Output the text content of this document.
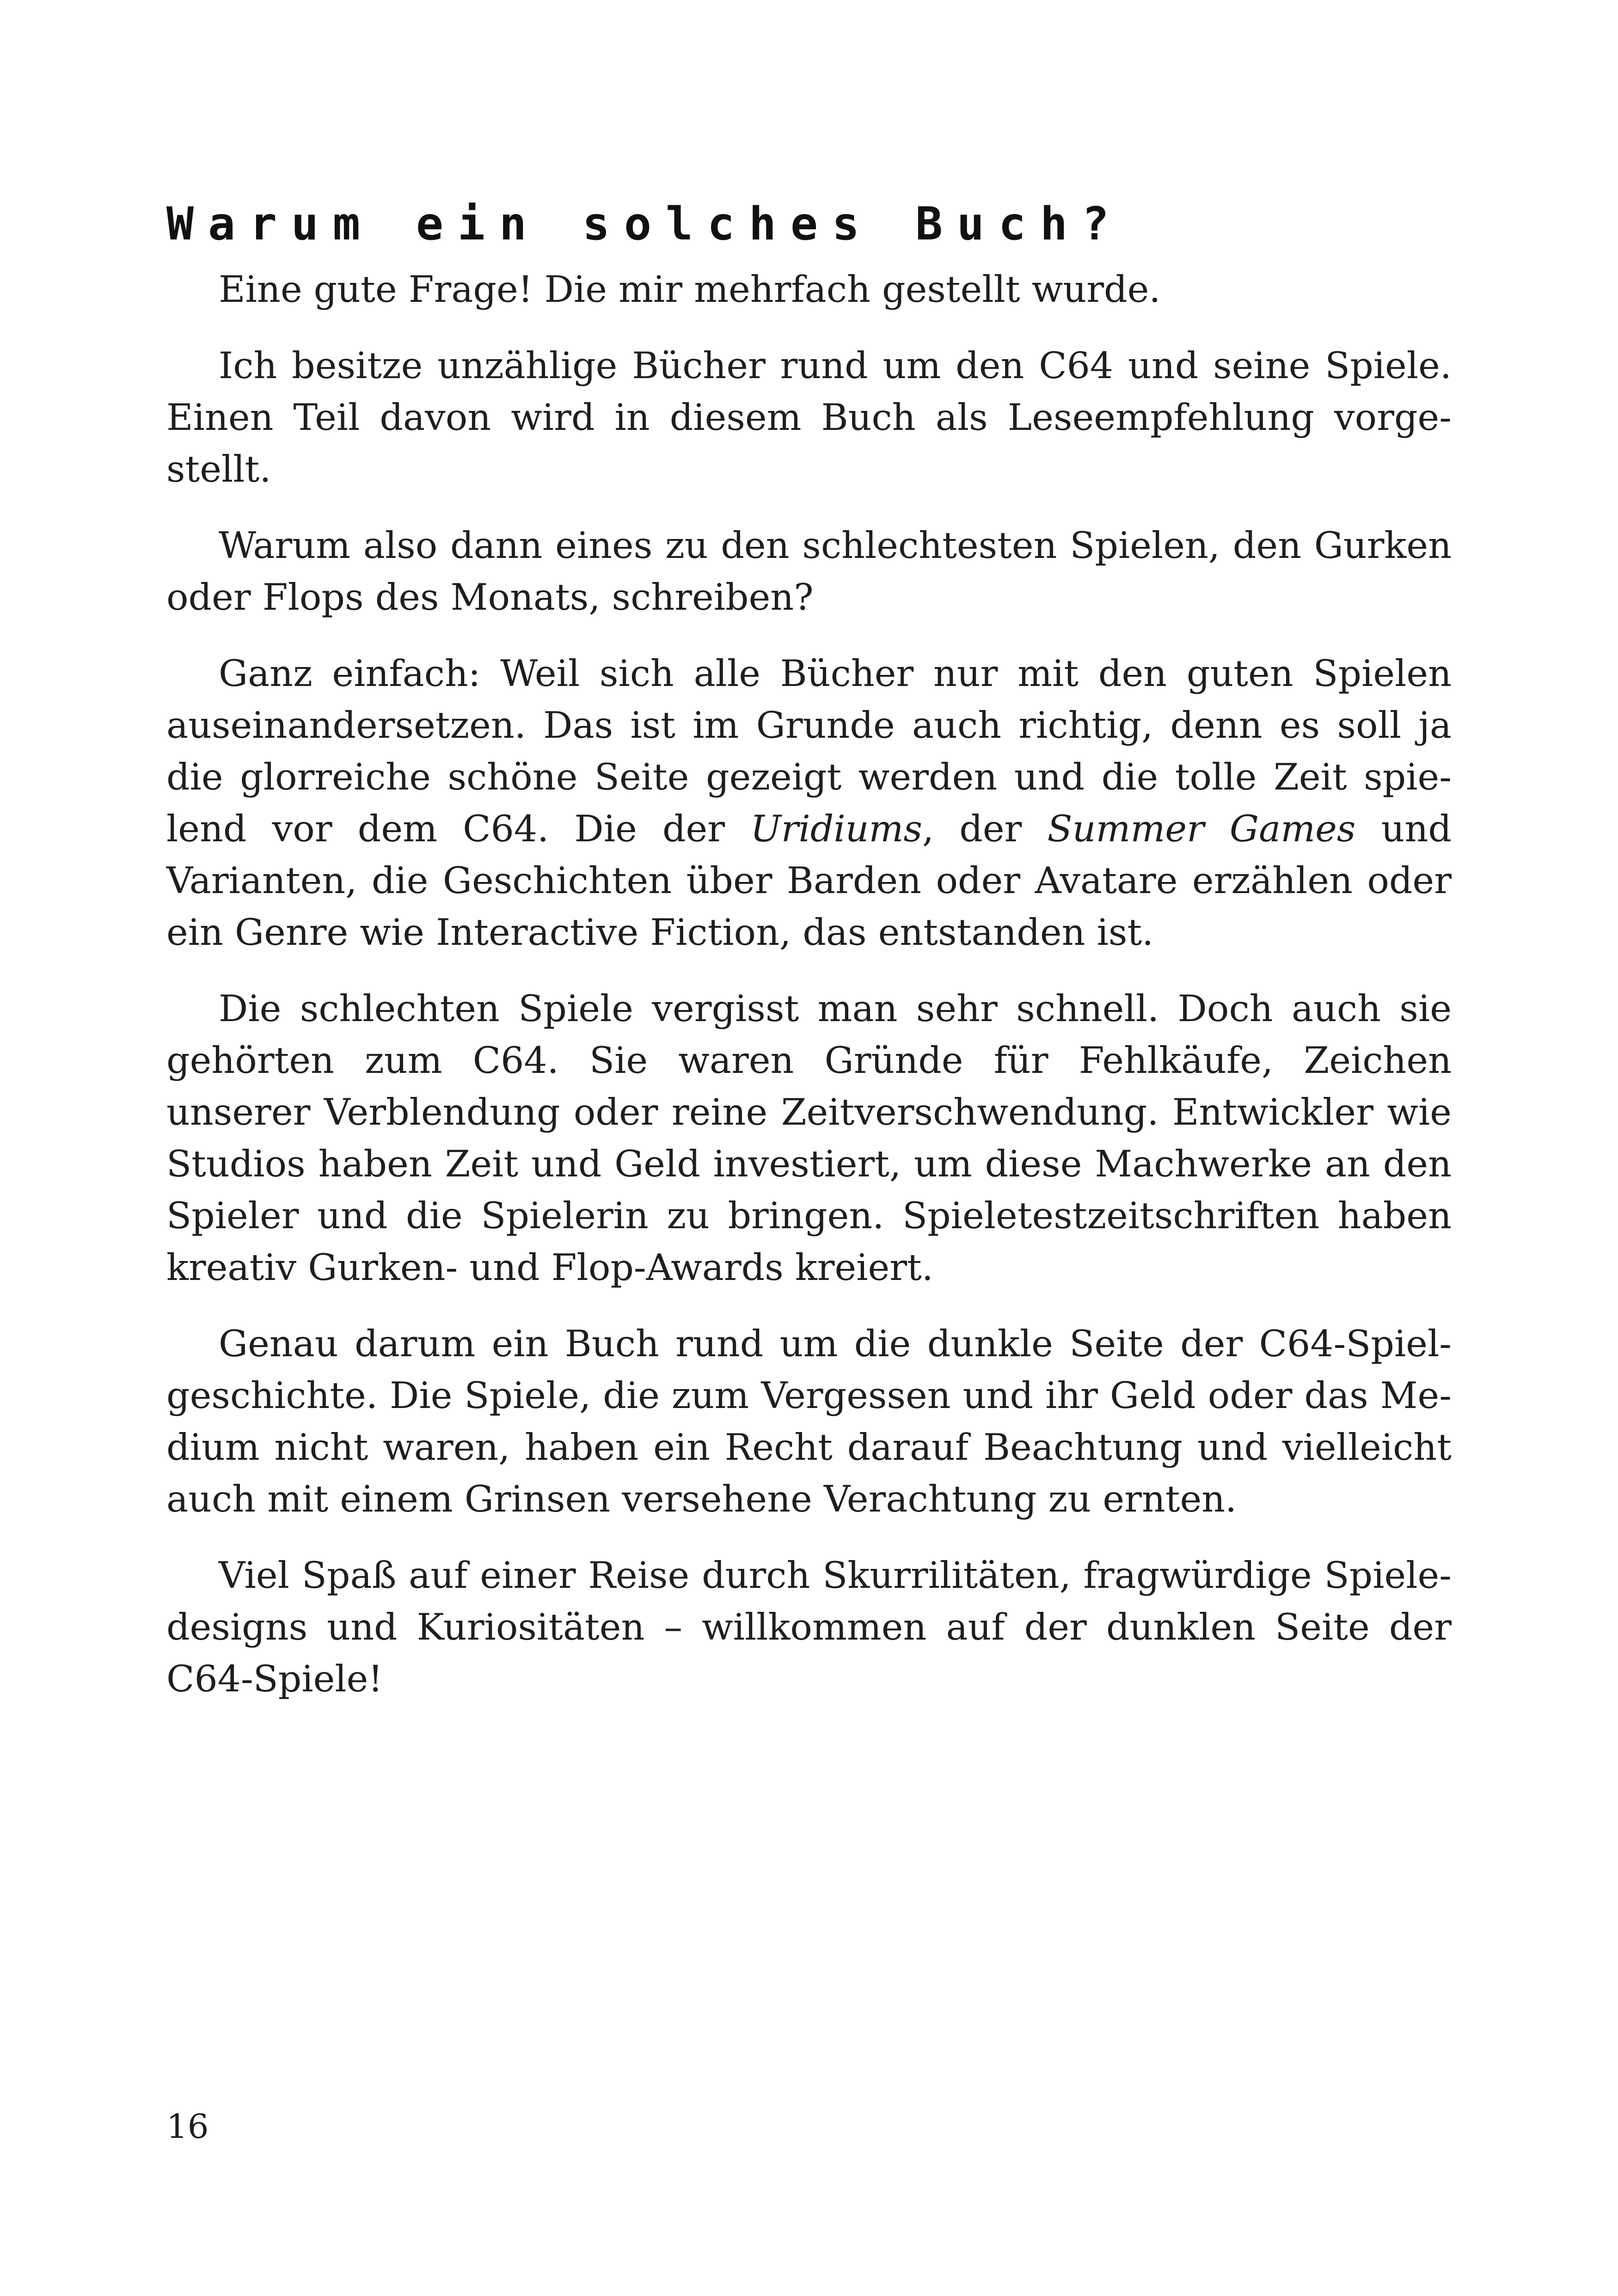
Warum ein solches Buch?

Eine gute Frage! Die mir mehrfach gestellt wurde.

Ich besitze unzählige Bücher rund um den C64 und seine Spiele. Einen Teil davon wird in diesem Buch als Leseempfehlung vorgestellt.

Warum also dann eines zu den schlechtesten Spielen, den Gurken oder Flops des Monats, schreiben?

Ganz einfach: Weil sich alle Bücher nur mit den guten Spielen auseinandersetzen. Das ist im Grunde auch richtig, denn es soll ja die glorreiche schöne Seite gezeigt werden und die tolle Zeit spielend vor dem C64. Die der Uridiums, der Summer Games und Varianten, die Geschichten über Barden oder Avatare erzählen oder ein Genre wie Interactive Fiction, das entstanden ist.

Die schlechten Spiele vergisst man sehr schnell. Doch auch sie gehörten zum C64. Sie waren Gründe für Fehlkäufe, Zeichen unserer Verblendung oder reine Zeitverschwendung. Entwickler wie Studios haben Zeit und Geld investiert, um diese Machwerke an den Spieler und die Spielerin zu bringen. Spieletestzeitschriften haben kreativ Gurken- und Flop-Awards kreiert.

Genau darum ein Buch rund um die dunkle Seite der C64-Spielgeschichte. Die Spiele, die zum Vergessen und ihr Geld oder das Medium nicht waren, haben ein Recht darauf Beachtung und vielleicht auch mit einem Grinsen versehene Verachtung zu ernten.

Viel Spaß auf einer Reise durch Skurrilitäten, fragwürdige Spieledesigns und Kuriositäten – willkommen auf der dunklen Seite der C64-Spiele!

16
